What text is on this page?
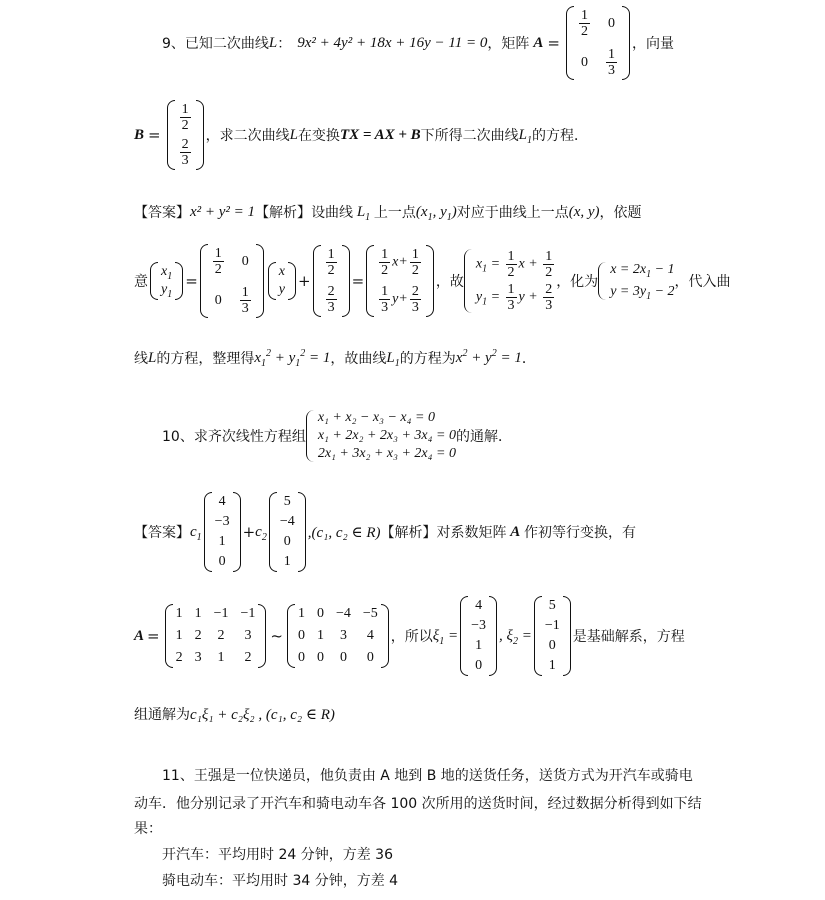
9、已知二次曲线 L ： 9x² + 4y² + 18x + 16y − 11 = 0 ，矩阵 A =
$\frac{1}{2} 0$
$0 \frac{1}{3}$
，向量
B =
$\frac{1}{2}$
$\frac{2}{3}$
，求二次曲线 L 在变换 TX = AX + B 下所得二次曲线 $L_1$ 的方程．
【答案】 x² + y² = 1 【解析】 设曲线 $L_1$ 上一点 ($x_1$, $y_1$) 对应于曲线上一点 (x, y) ，依题
意
$x_1$
$y_1$
=
$\frac{1}{2} 0$
$0 \frac{1}{3}$
x
y +
$\frac{1}{2}$
$\frac{2}{3}$
=
$\frac{1}{2} x+ \frac{1}{2}$
$\frac{1}{3} y+ \frac{2}{3}$
，故
$x_1 = \frac{1}{2}$ $x + \frac{1}{2}$
$y_1 = \frac{1}{3}$ $y + \frac{2}{3}$ ，化为
$x = 2x_1 - 1$
$y = 3y_1 - 2$
，代入曲
线 L 的方程，整理得 $x_1^2 + y_1^2 = 1$ ，故曲线 $L_1$ 的方程为 $x^2 + y^2 = 1$ ．
10、求齐次线性方程组
x₁ + x₂ − x₃ − x₄ = 0
x₁ + 2x₂ + 2x₃ + 3x₄ = 0
2x₁ + 3x₂ + x₃ + 2x₄ = 0
的通解．
【答案】 $c_1$
4
−3
1
0
+ $c_2$
5
−4
0
1
,(c₁, c₂ ∈ R) 【解析】 对系数矩阵 A 作初等行变换，有
A =
1 1 −1 −1
1 2 2 3
2 3 1 2
~
1 0 −4 −5
0 1 3 4
0 0 0 0
，所以 $\xi_1$ =
4
−3
1
0
, $\xi_2$ =
5
−1
0
1
是基础解系，方程
组通解为 c₁ξ₁ + c₂ξ₂ , (c₁, c₂ ∈ R)
11、王强是一位快递员，他负责由 A 地到 B 地的送货任务，送货方式为开汽车或骑电
动车．他分别记录了开汽车和骑电动车各 100 次所用的送货时间，经过数据分析得到如下结
果：
开汽车：平均用时 24 分钟，方差 36
骑电动车：平均用时 34 分钟，方差 4
